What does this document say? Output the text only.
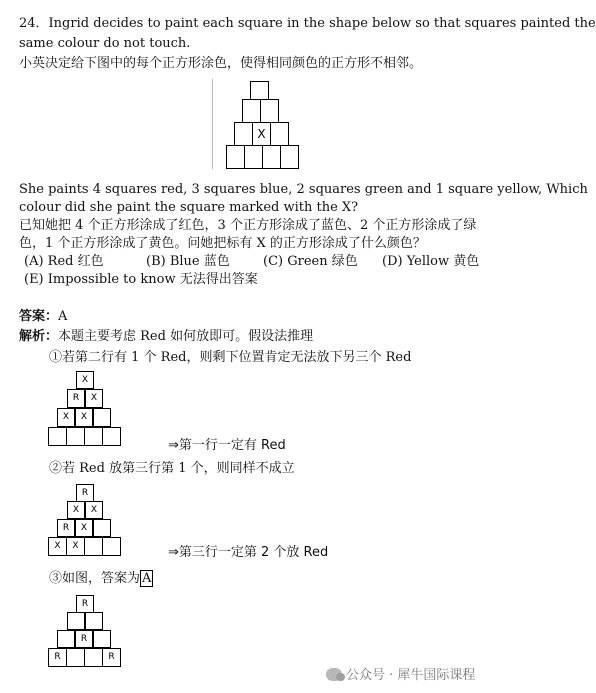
24．Ingrid decides to paint each square in the shape below so that squares painted the
same colour do not touch.
小英决定给下图中的每个正方形涂色，使得相同颜色的正方形不相邻。
X
She paints 4 squares red, 3 squares blue, 2 squares green and 1 square yellow, Which
colour did she paint the square marked with the X?
已知她把 4 个正方形涂成了红色，3 个正方形涂成了蓝色、2 个正方形涂成了绿
色，1 个正方形涂成了黄色。问她把标有 X 的正方形涂成了什么颜色？
(A) Red 红色	(B) Blue 蓝色	(C) Green 绿色 (D) Yellow 黄色
(E) Impossible to know 无法得出答案
答案：A
解析：本题主要考虑 Red 如何放即可。假设法推理
①若第二行有 1 个 Red，则剩下位置肯定无法放下另三个 Red
X
R	X
X	X
⇒第一行一定有 Red
②若 Red 放第三行第 1 个，则同样不成立
R
X	X
R	X
X	X	⇒第三行一定第 2 个放 Red
③如图，答案为 A
R
R
R	R
公众号 · 犀牛国际课程
